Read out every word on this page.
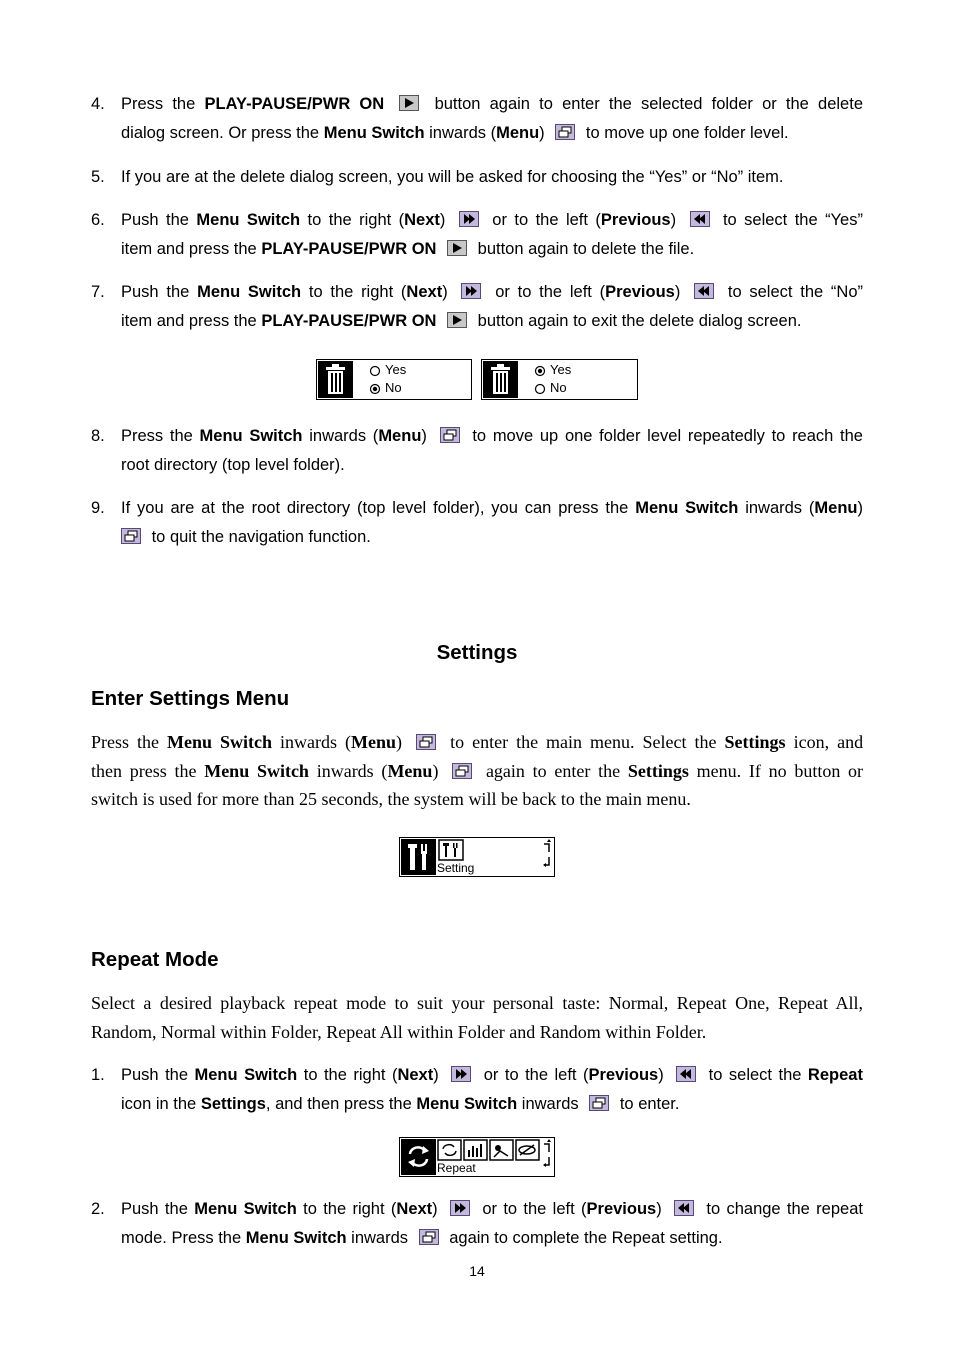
4. Press the PLAY-PAUSE/PWR ON	button again to enter the selected folder or the delete
dialog screen. Or press the Menu Switch inwards (Menu) to move up one folder level.
5. If you are at the delete dialog screen, you will be asked for choosing the “Yes” or “No” item.
6. Push the Menu Switch to the right (Next)	or to the left (Previous)	to select the “Yes”
item and press the PLAY-PAUSE/PWR ON button again to delete the file.
7. Push the Menu Switch to the right (Next)	or to the left (Previous)	to select the “No”
item and press the PLAY-PAUSE/PWR ON button again to exit the delete dialog screen.
Yes
No
Yes
No
8. Press the Menu Switch inwards (Menu)	to move up one folder level repeatedly to reach the
root directory (top level folder).
9. If you are at the root directory (top level folder), you can press the Menu Switch inwards (Menu)
to quit the navigation function.
Settings
Enter Settings Menu
Press the Menu Switch inwards (Menu)	to enter the main menu. Select the Settings icon, and
then press the Menu Switch inwards (Menu)	again to enter the Settings menu. If no button or
switch is used for more than 25 seconds, the system will be back to the main menu.
Setting
Repeat Mode
Select a desired playback repeat mode to suit your personal taste: Normal, Repeat One, Repeat All,
Random, Normal within Folder, Repeat All within Folder and Random within Folder.
1. Push the Menu Switch to the right (Next)	or to the left (Previous)	to select the Repeat
icon in the Settings, and then press the Menu Switch inwards to enter.
Repeat
2. Push the Menu Switch to the right (Next)	or to the left (Previous)	to change the repeat
mode. Press the Menu Switch inwards again to complete the Repeat setting.
14
